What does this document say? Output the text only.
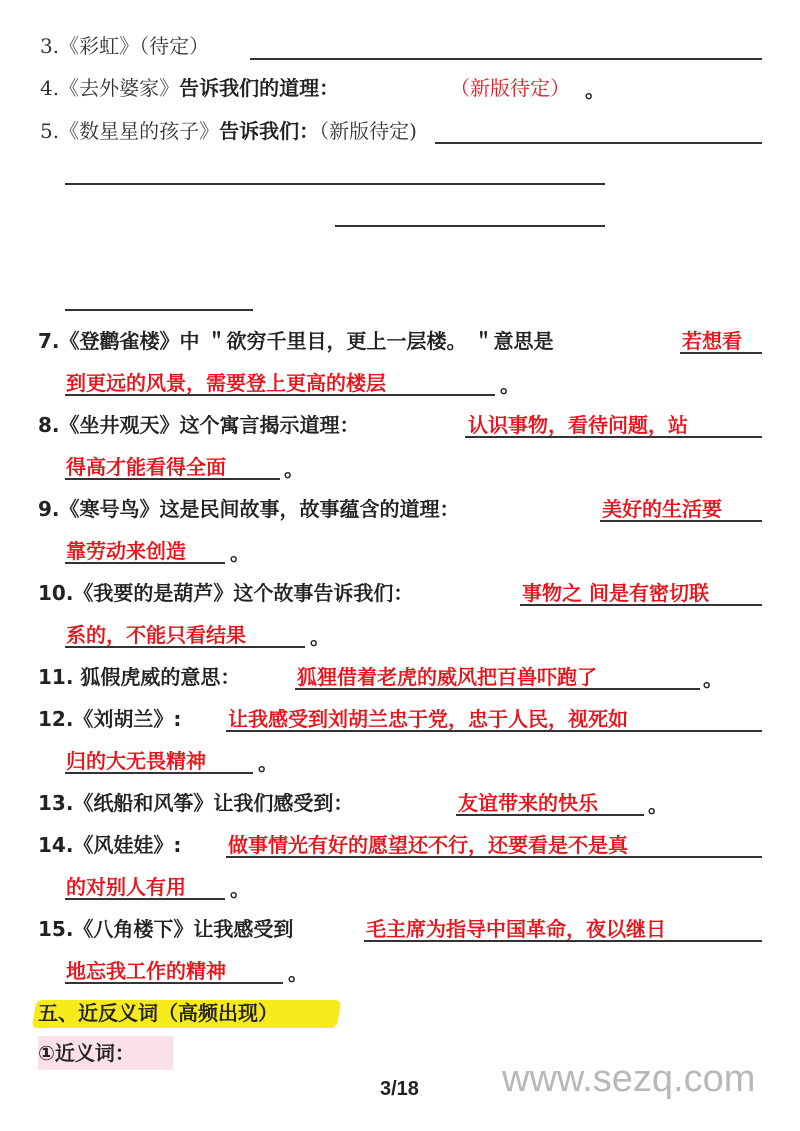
3.《彩虹》（待定）
4.《去外婆家》告诉我们的道理：	（新版待定） 。
5.《数星星的孩子》告诉我们：（新版待定)
7.《登鹳雀楼》中 ＂欲穷千里目，更上一层楼。 ＂意思是	若想看
到更远的风景，需要登上更高的楼层	。
8.《坐井观天》这个寓言揭示道理：	认识事物，看待问题，站
得高才能看得全面	。
9.《寒号鸟》这是民间故事，故事蕴含的道理：	美好的生活要
靠劳动来创造 。
10.《我要的是葫芦》这个故事告诉我们：	事物之 间是有密切联
系的，不能只看结果	。
11. 狐假虎威的意思：	狐狸借着老虎的威风把百兽吓跑了	。
12.《刘胡兰》: 让我感受到刘胡兰忠于党，忠于人民，视死如
归的大无畏精神	。
13.《纸船和风筝》让我们感受到：	友谊带来的快乐	。
14.《风娃娃》: 做事情光有好的愿望还不行，还要看是不是真
的对别人有用 。
15.《八角楼下》让我感受到	毛主席为指导中国革命，夜以继日
地忘我工作的精神	。
五、近反义词（高频出现）
①近义词：
3/18 www.sezq.com
